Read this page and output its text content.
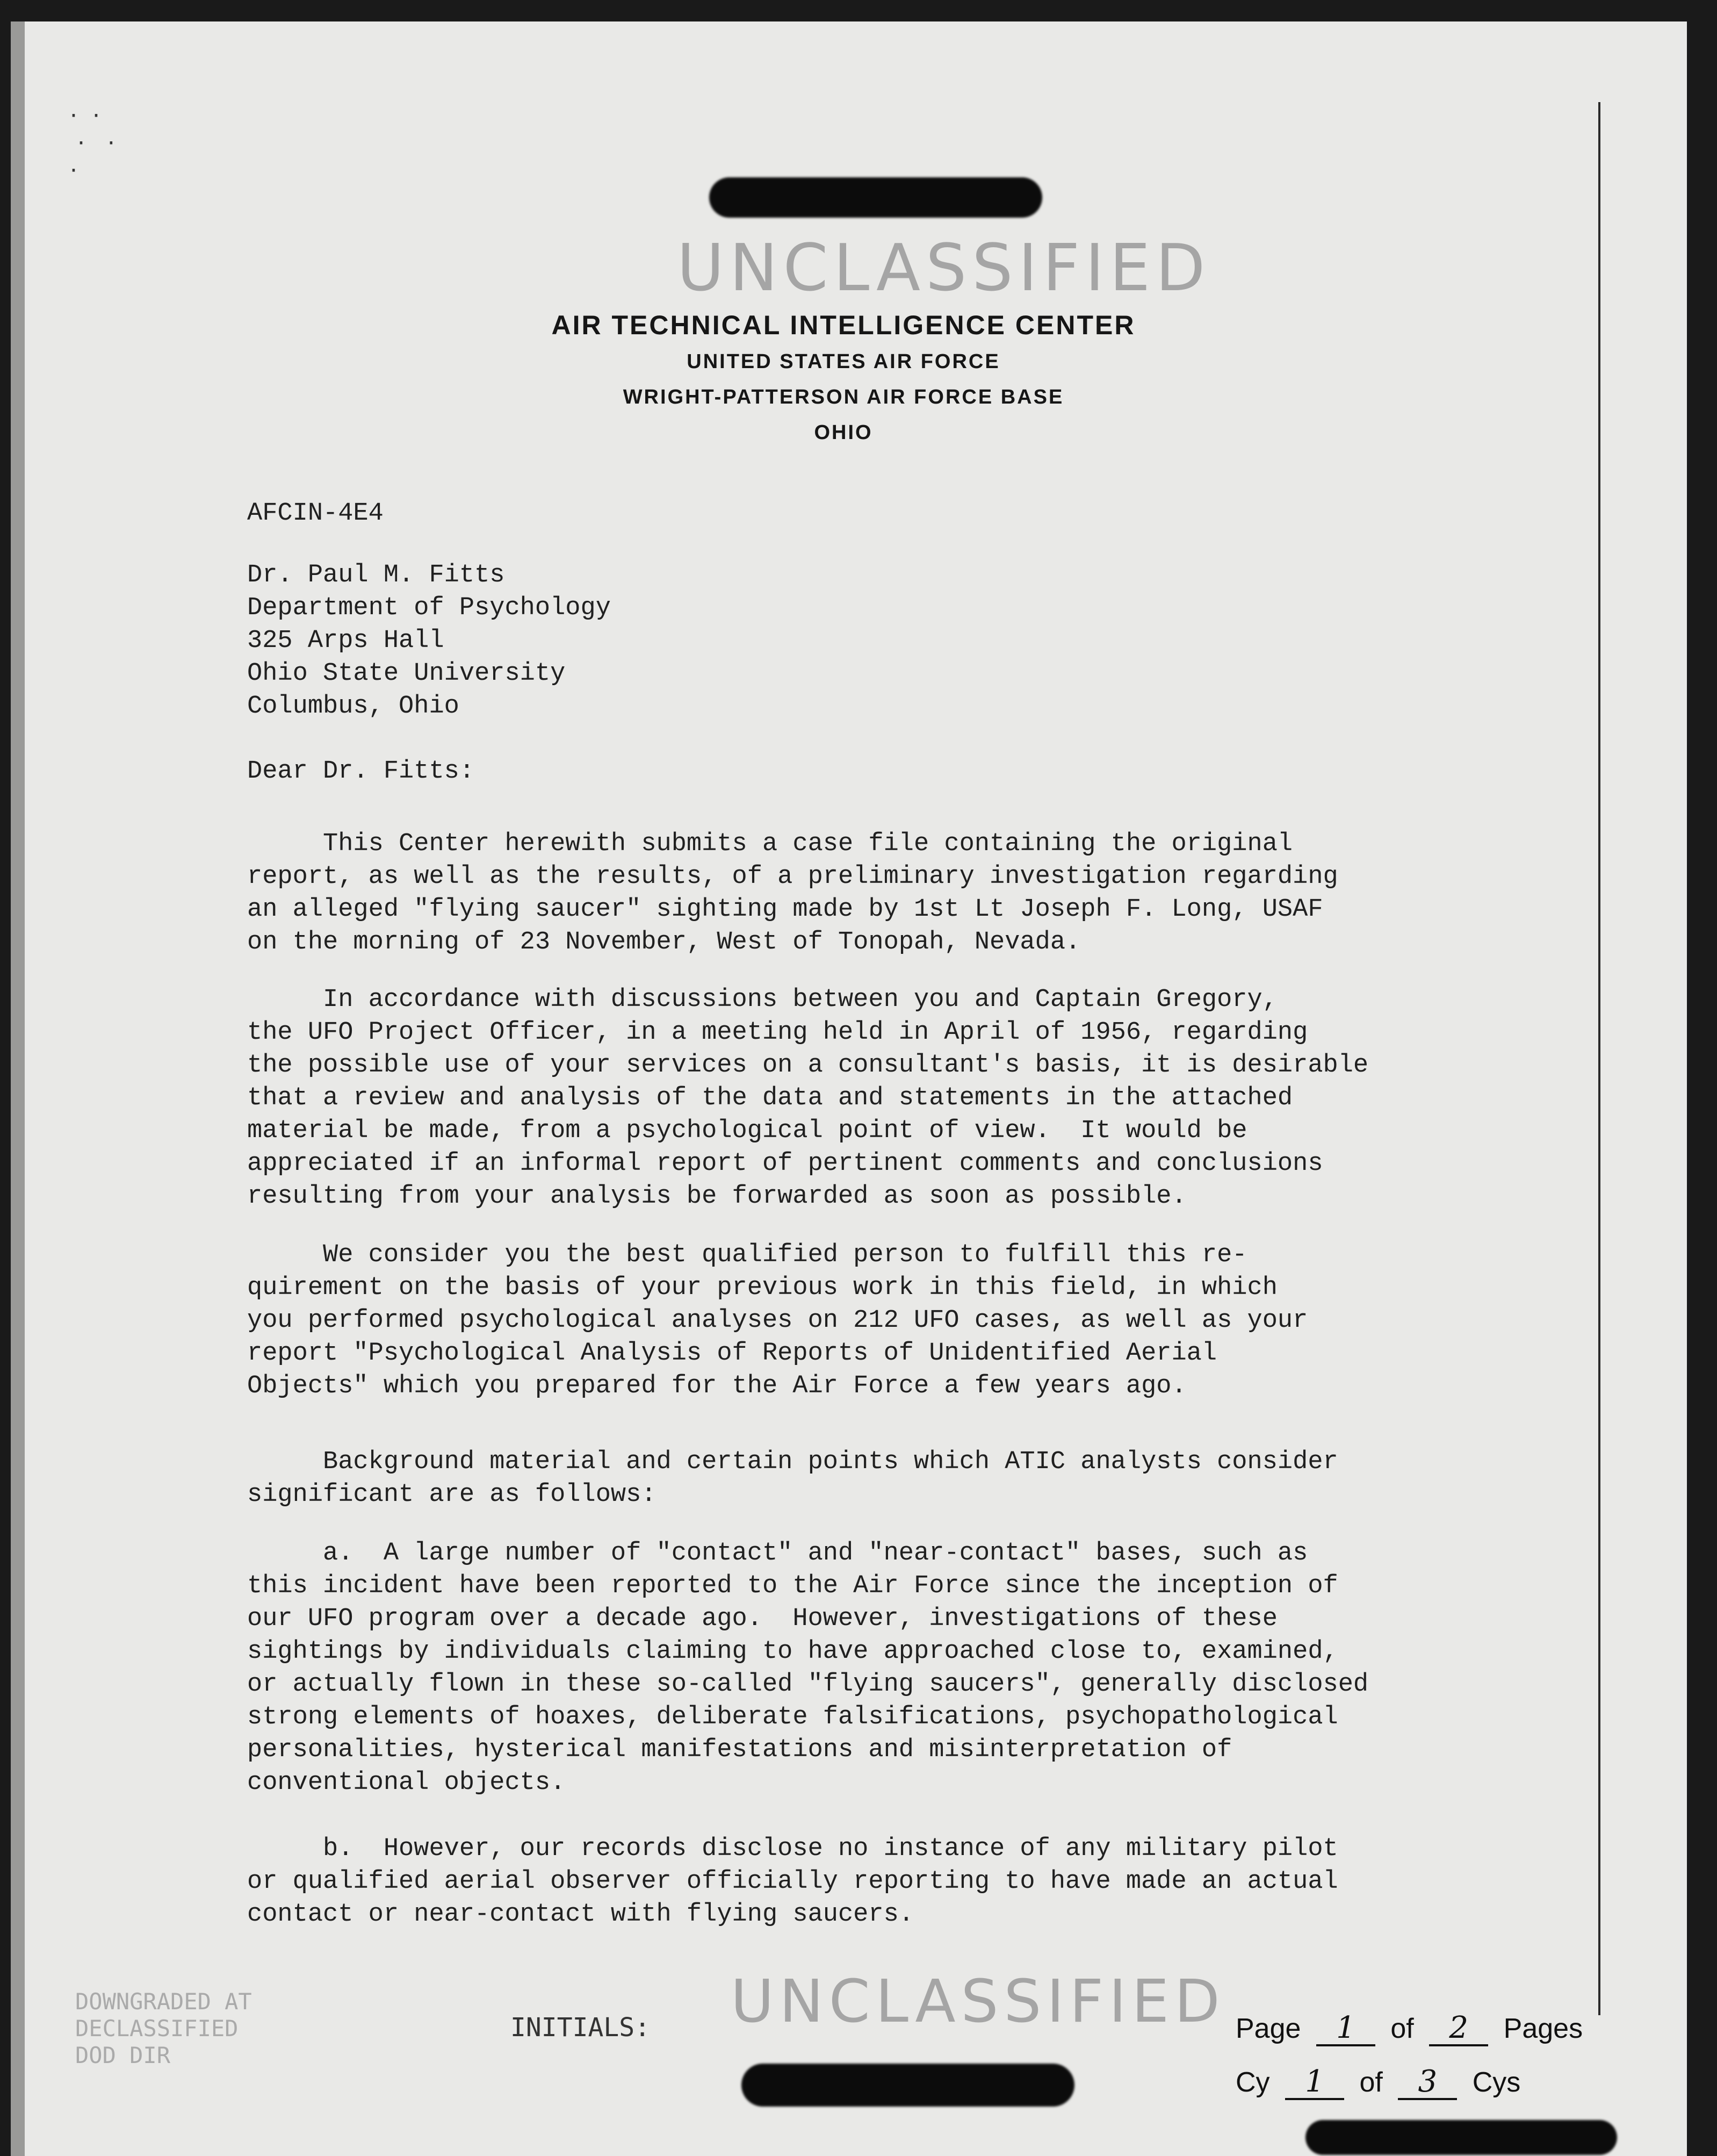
·  ·
·   ·
·
UNCLASSIFIED
AIR TECHNICAL INTELLIGENCE CENTER
UNITED STATES AIR FORCE
WRIGHT-PATTERSON AIR FORCE BASE
OHIO
AFCIN-4E4
Dr. Paul M. Fitts
Department of Psychology
325 Arps Hall
Ohio State University
Columbus, Ohio
Dear Dr. Fitts:
This Center herewith submits a case file containing the original
report, as well as the results, of a preliminary investigation regarding
an alleged "flying saucer" sighting made by 1st Lt Joseph F. Long, USAF
on the morning of 23 November, West of Tonopah, Nevada.
In accordance with discussions between you and Captain Gregory,
the UFO Project Officer, in a meeting held in April of 1956, regarding
the possible use of your services on a consultant's basis, it is desirable
that a review and analysis of the data and statements in the attached
material be made, from a psychological point of view.  It would be
appreciated if an informal report of pertinent comments and conclusions
resulting from your analysis be forwarded as soon as possible.
We consider you the best qualified person to fulfill this re-
quirement on the basis of your previous work in this field, in which
you performed psychological analyses on 212 UFO cases, as well as your
report "Psychological Analysis of Reports of Unidentified Aerial
Objects" which you prepared for the Air Force a few years ago.
Background material and certain points which ATIC analysts consider
significant are as follows:
a.  A large number of "contact" and "near-contact" bases, such as
this incident have been reported to the Air Force since the inception of
our UFO program over a decade ago.  However, investigations of these
sightings by individuals claiming to have approached close to, examined,
or actually flown in these so-called "flying saucers", generally disclosed
strong elements of hoaxes, deliberate falsifications, psychopathological
personalities, hysterical manifestations and misinterpretation of
conventional objects.
b.  However, our records disclose no instance of any military pilot
or qualified aerial observer officially reporting to have made an actual
contact or near-contact with flying saucers.
DOWNGRADED AT
DECLASSIFIED
DOD DIR
INITIALS: UNCLASSIFIED Page 1 of 2 Pages
Cy 1 of 3 Cys
